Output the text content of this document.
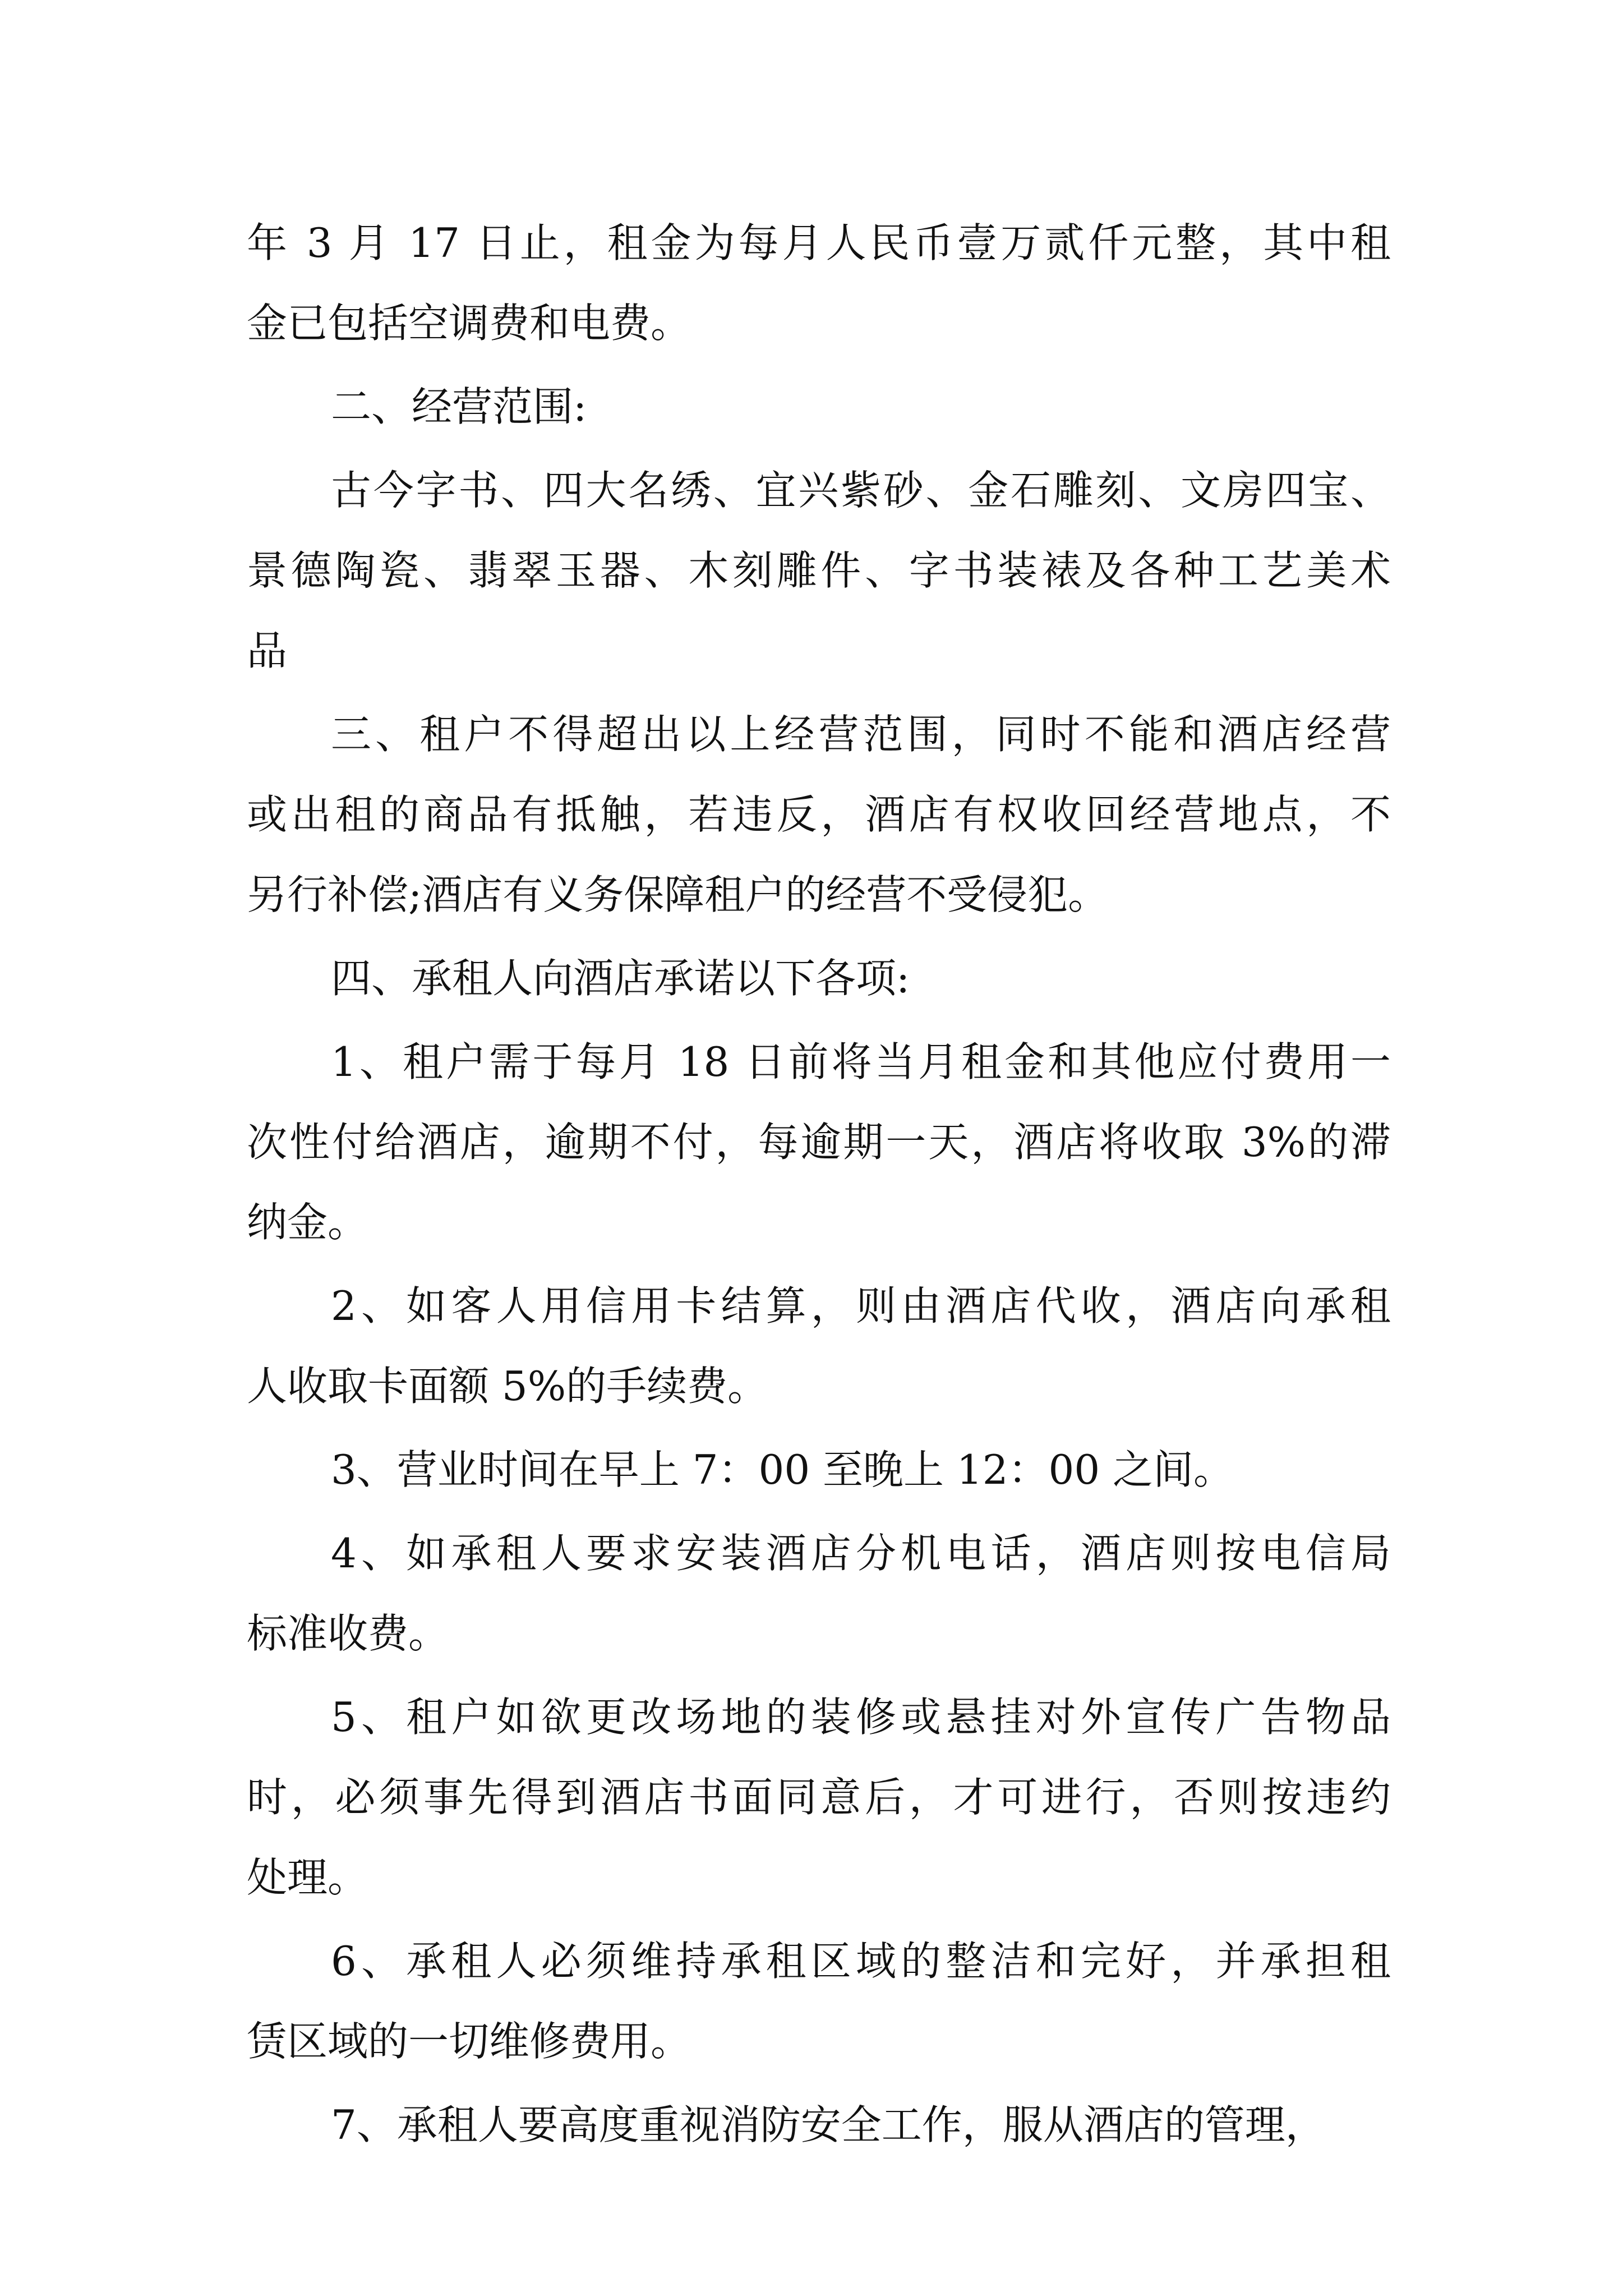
年 3 月 17 日止，租金为每月人民币壹万贰仟元整，其中租
金已包括空调费和电费。
二、经营范围:
古今字书、四大名绣、宜兴紫砂、金石雕刻、文房四宝、
景德陶瓷、翡翠玉器、木刻雕件、字书装裱及各种工艺美术
品
三、租户不得超出以上经营范围，同时不能和酒店经营
或出租的商品有抵触，若违反，酒店有权收回经营地点，不
另行补偿;酒店有义务保障租户的经营不受侵犯。
四、承租人向酒店承诺以下各项:
1、租户需于每月 18 日前将当月租金和其他应付费用一
次性付给酒店，逾期不付，每逾期一天，酒店将收取 3%的滞
纳金。
2、如客人用信用卡结算，则由酒店代收，酒店向承租
人收取卡面额 5%的手续费。
3、营业时间在早上 7：00 至晚上 12：00 之间。
4、如承租人要求安装酒店分机电话，酒店则按电信局
标准收费。
5、租户如欲更改场地的装修或悬挂对外宣传广告物品
时，必须事先得到酒店书面同意后，才可进行，否则按违约
处理。
6、承租人必须维持承租区域的整洁和完好，并承担租
赁区域的一切维修费用。
7、承租人要高度重视消防安全工作，服从酒店的管理，
